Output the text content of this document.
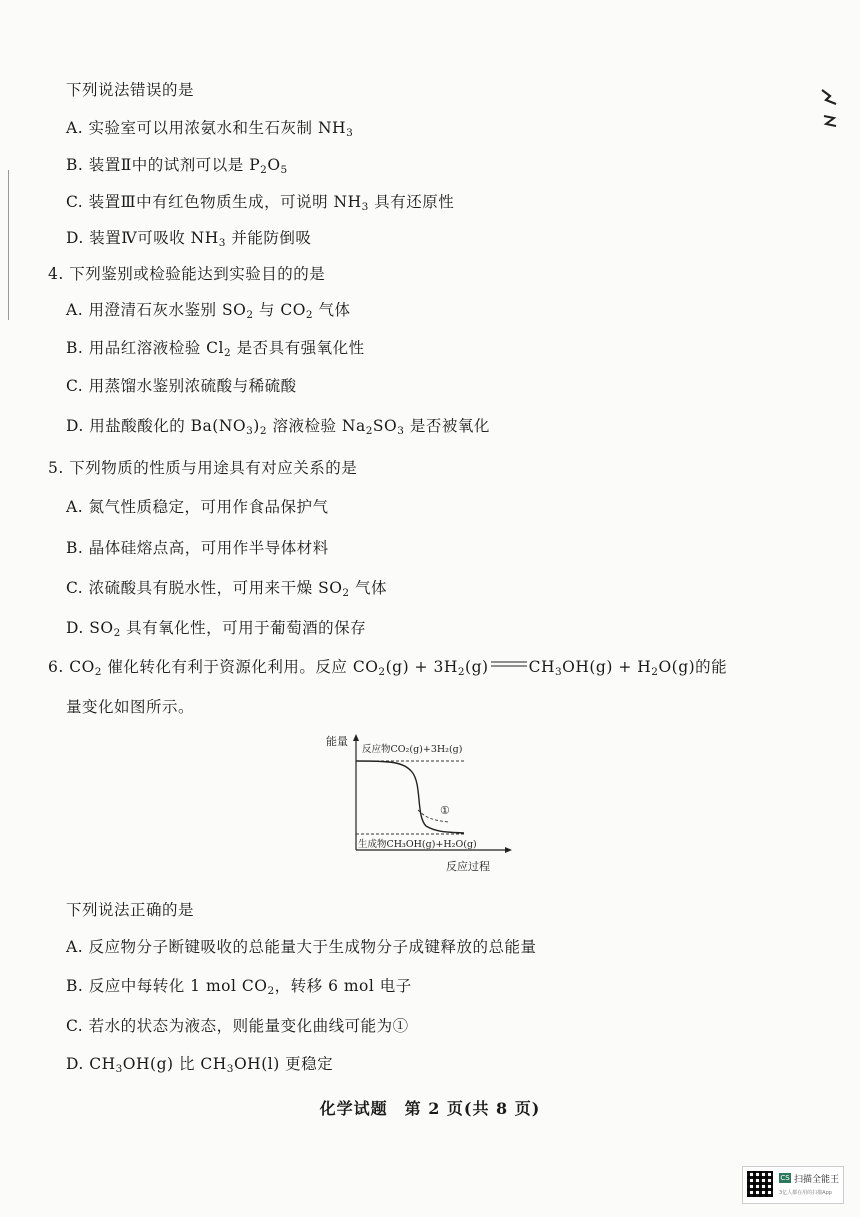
下列说法错误的是
A. 实验室可以用浓氨水和生石灰制 $NH_3$
B. 装置Ⅱ中的试剂可以是 $P_2O_5$
C. 装置Ⅲ中有红色物质生成，可说明 $NH_3$ 具有还原性
D. 装置Ⅳ可吸收 $NH_3$ 并能防倒吸
4. 下列鉴别或检验能达到实验目的的是
A. 用澄清石灰水鉴别 $SO_2$ 与 $CO_2$ 气体
B. 用品红溶液检验 $Cl_2$ 是否具有强氧化性
C. 用蒸馏水鉴别浓硫酸与稀硫酸
D. 用盐酸酸化的 $Ba(NO_3)_2$ 溶液检验 $Na_2SO_3$ 是否被氧化
5. 下列物质的性质与用途具有对应关系的是
A. 氮气性质稳定，可用作食品保护气
B. 晶体硅熔点高，可用作半导体材料
C. 浓硫酸具有脱水性，可用来干燥 $SO_2$ 气体
D. $SO_2$ 具有氧化性，可用于葡萄酒的保存
6. $CO_2$ 催化转化有利于资源化利用。反应 $CO_2(g) + 3H_2(g)$	$CH_3OH(g) + H_2O(g)$的能
量变化如图所示。
能量
反应物CO₂(g)+3H₂(g)
①
生成物CH₃OH(g)+H₂O(g)
反应过程
下列说法正确的是
A. 反应物分子断键吸收的总能量大于生成物分子成键释放的总能量
B. 反应中每转化 1 mol $CO_2$，转移 6 mol 电子
C. 若水的状态为液态，则能量变化曲线可能为①
D. $CH_3OH(g)$ 比 $CH_3OH(l)$ 更稳定
化学试题　第 2 页(共 8 页)
CS 扫描全能王
3亿人都在用的扫描App
